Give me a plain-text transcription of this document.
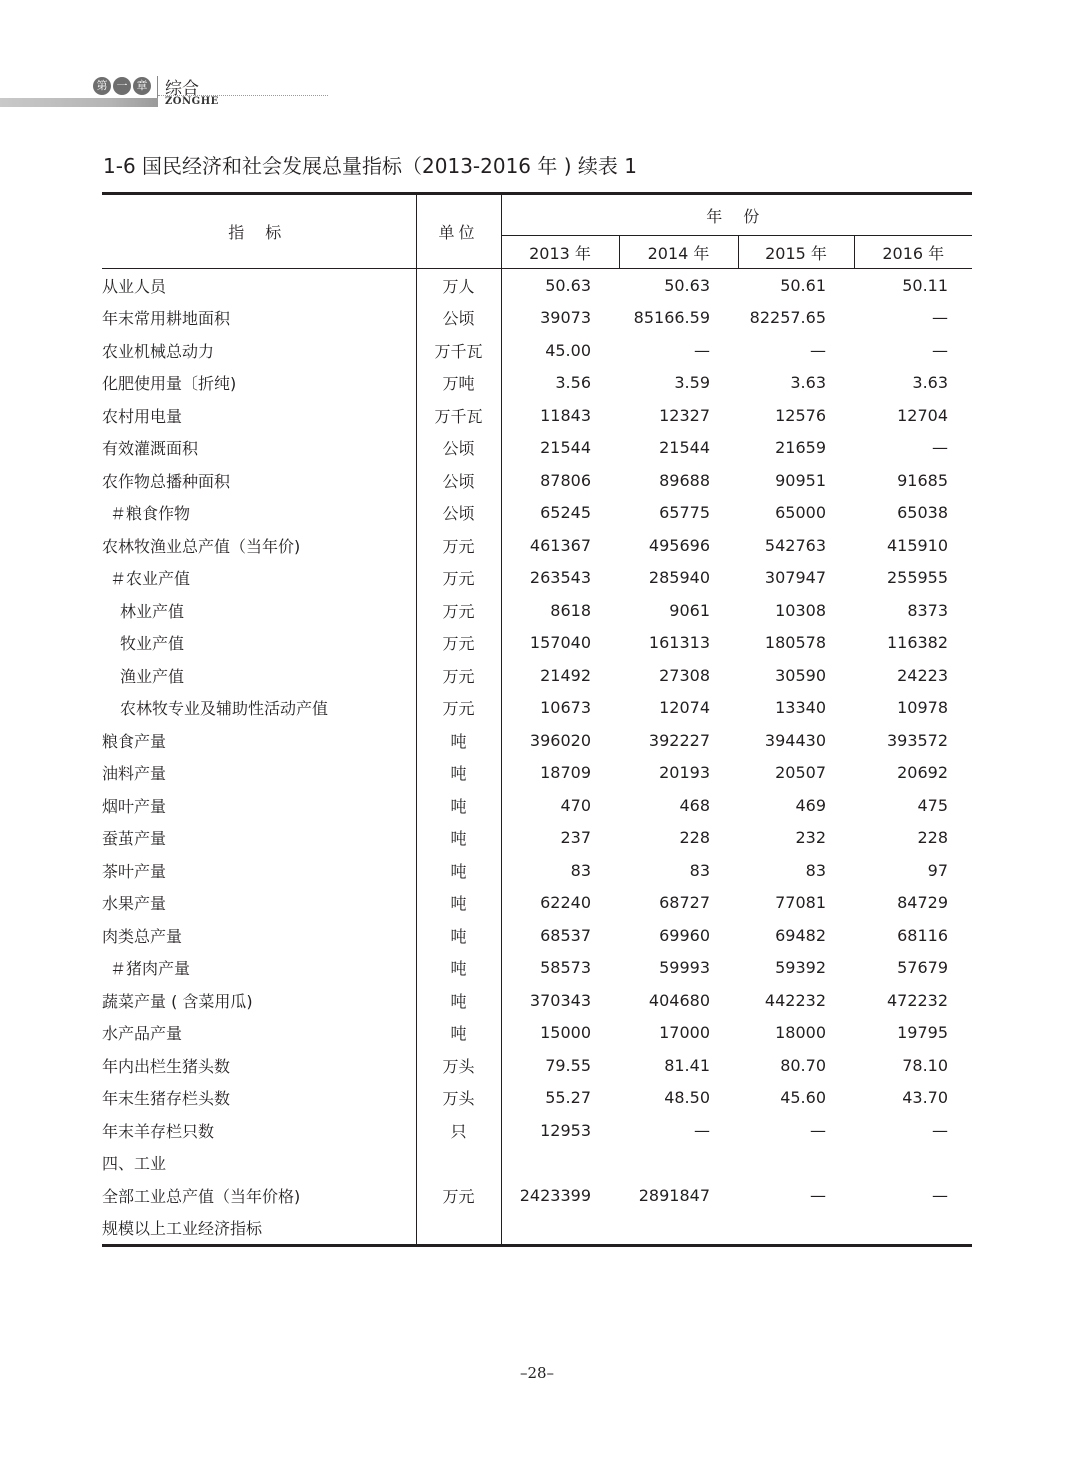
第 一 章 综合
ZONGHE
1-6 国民经济和社会发展总量指标（2013-2016 年 ) 续表 1
指 标	单位	年 份			
		2013 年	2014 年	2015 年	2016 年
从业人员	万人	50.63	50.63	50.61	50.11
年末常用耕地面积	公顷	39073	85166.59	82257.65	—
农业机械总动力	万千瓦	45.00	—	—	—
化肥使用量〔折纯)	万吨	3.56	3.59	3.63	3.63
农村用电量	万千瓦	11843	12327	12576	12704
有效灌溉面积	公顷	21544	21544	21659	—
农作物总播种面积	公顷	87806	89688	90951	91685
＃粮食作物	公顷	65245	65775	65000	65038
农林牧渔业总产值（当年价)	万元	461367	495696	542763	415910
＃农业产值	万元	263543	285940	307947	255955
林业产值	万元	8618	9061	10308	8373
牧业产值	万元	157040	161313	180578	116382
渔业产值	万元	21492	27308	30590	24223
农林牧专业及辅助性活动产值	万元	10673	12074	13340	10978
粮食产量	吨	396020	392227	394430	393572
油料产量	吨	18709	20193	20507	20692
烟叶产量	吨	470	468	469	475
蚕茧产量	吨	237	228	232	228
茶叶产量	吨	83	83	83	97
水果产量	吨	62240	68727	77081	84729
肉类总产量	吨	68537	69960	69482	68116
＃猪肉产量	吨	58573	59993	59392	57679
蔬菜产量 ( 含菜用瓜)	吨	370343	404680	442232	472232
水产品产量	吨	15000	17000	18000	19795
年内出栏生猪头数	万头	79.55	81.41	80.70	78.10
年末生猪存栏头数	万头	55.27	48.50	45.60	43.70
年末羊存栏只数	只	12953	—	—	—
四、工业					
全部工业总产值（当年价格)	万元	2423399	2891847	—	—
规模以上工业经济指标					
–28–
